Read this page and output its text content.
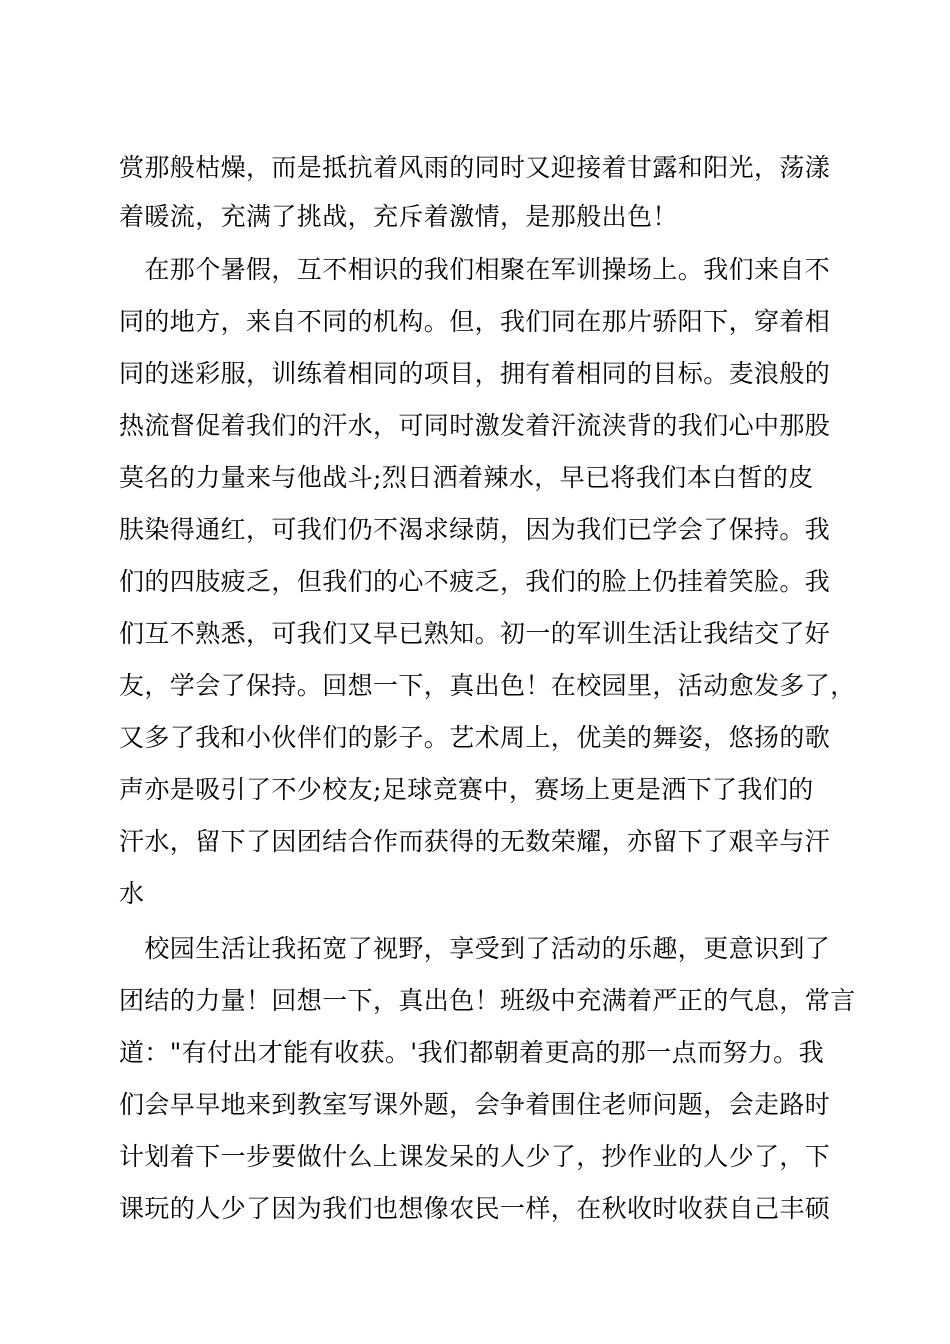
赏那般枯燥，而是抵抗着风雨的同时又迎接着甘露和阳光，荡漾
着暖流，充满了挑战，充斥着激情，是那般出色！
　在那个暑假，互不相识的我们相聚在军训操场上。我们来自不
同的地方，来自不同的机构。但，我们同在那片骄阳下，穿着相
同的迷彩服，训练着相同的项目，拥有着相同的目标。麦浪般的
热流督促着我们的汗水，可同时激发着汗流浃背的我们心中那股
莫名的力量来与他战斗;烈日洒着辣水，早已将我们本白皙的皮
肤染得通红，可我们仍不渴求绿荫，因为我们已学会了保持。我
们的四肢疲乏，但我们的心不疲乏，我们的脸上仍挂着笑脸。我
们互不熟悉，可我们又早已熟知。初一的军训生活让我结交了好
友，学会了保持。回想一下，真出色！在校园里，活动愈发多了，
又多了我和小伙伴们的影子。艺术周上，优美的舞姿，悠扬的歌
声亦是吸引了不少校友;足球竞赛中，赛场上更是洒下了我们的
汗水，留下了因团结合作而获得的无数荣耀，亦留下了艰辛与汗
水
　校园生活让我拓宽了视野，享受到了活动的乐趣，更意识到了
团结的力量！回想一下，真出色！班级中充满着严正的气息，常言
道："有付出才能有收获。'我们都朝着更高的那一点而努力。我
们会早早地来到教室写课外题，会争着围住老师问题，会走路时
计划着下一步要做什么上课发呆的人少了，抄作业的人少了，下
课玩的人少了因为我们也想像农民一样，在秋收时收获自己丰硕
